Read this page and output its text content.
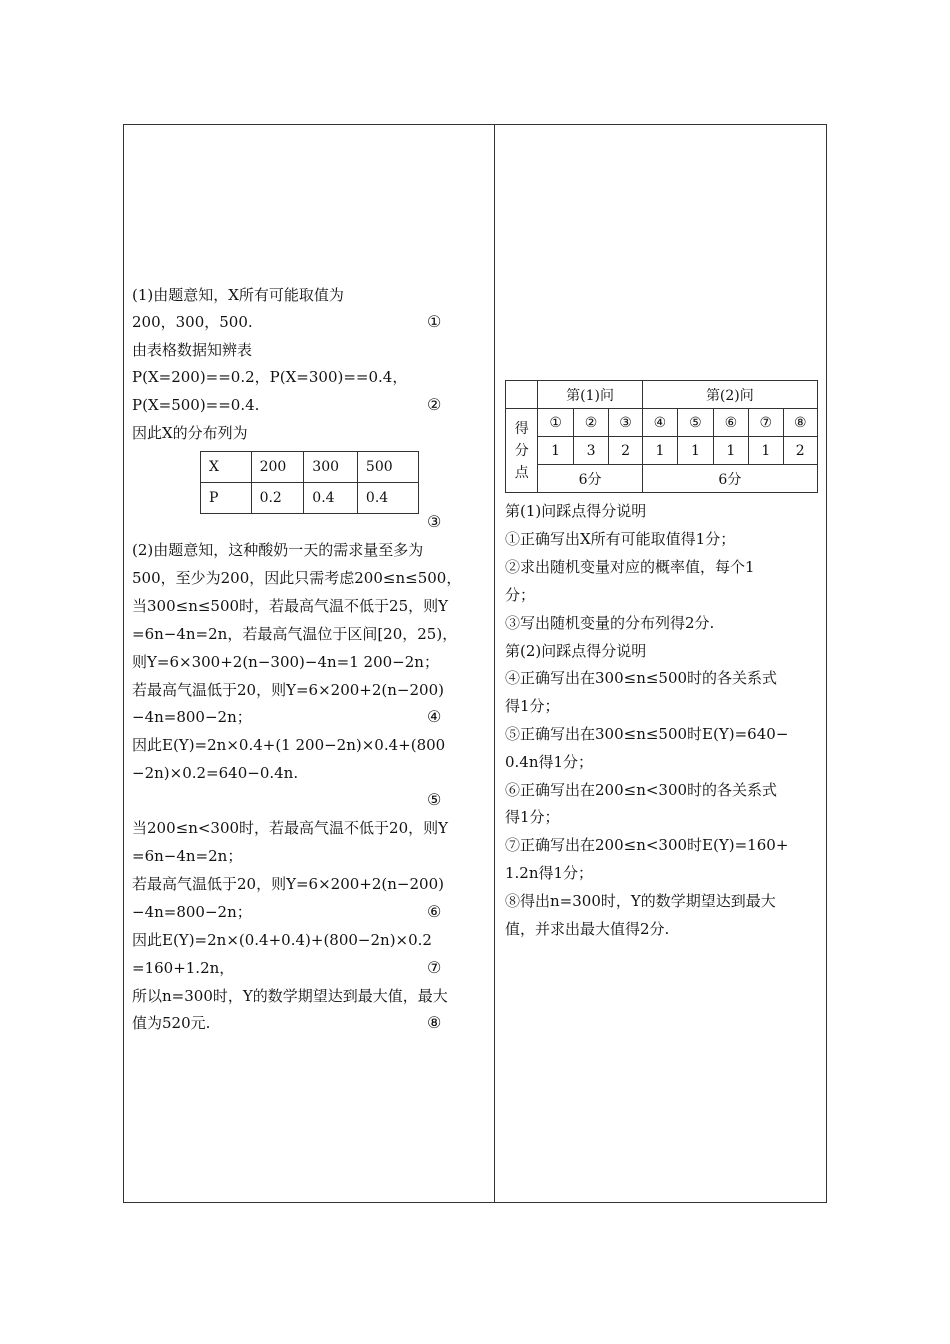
(1)由题意知，X所有可能取值为
200，300，500.	①
由表格数据知辨表
P(X=200)==0.2，P(X=300)==0.4，
P(X=500)==0.4.	②
因此X的分布列为
X	200	300	500
P	0.2	0.4	0.4
③
(2)由题意知，这种酸奶一天的需求量至多为
500，至少为200，因此只需考虑200≤n≤500，
当300≤n≤500时，若最高气温不低于25，则Y
=6n−4n=2n，若最高气温位于区间[20，25)，
则Y=6×300+2(n−300)−4n=1 200−2n；
若最高气温低于20，则Y=6×200+2(n−200)
−4n=800−2n；	④
因此E(Y)=2n×0.4+(1 200−2n)×0.4+(800
−2n)×0.2=640−0.4n.
⑤
当200≤n<300时，若最高气温不低于20，则Y
=6n−4n=2n；
若最高气温低于20，则Y=6×200+2(n−200)
−4n=800−2n；	⑥
因此E(Y)=2n×(0.4+0.4)+(800−2n)×0.2
=160+1.2n，	⑦
所以n=300时，Y的数学期望达到最大值，最大
值为520元.	⑧
	第(1)问			第(2)问				

得
分
点	①	②	③	④	⑤	⑥	⑦	⑧
	1	3	2	1	1	1	1	2
	6分			6分				
第(1)问踩点得分说明
①正确写出X所有可能取值得1分；
②求出随机变量对应的概率值，每个1
分；
③写出随机变量的分布列得2分.
第(2)问踩点得分说明
④正确写出在300≤n≤500时的各关系式
得1分；
⑤正确写出在300≤n≤500时E(Y)=640−
0.4n得1分；
⑥正确写出在200≤n<300时的各关系式
得1分；
⑦正确写出在200≤n<300时E(Y)=160+
1.2n得1分；
⑧得出n=300时，Y的数学期望达到最大
值，并求出最大值得2分.
